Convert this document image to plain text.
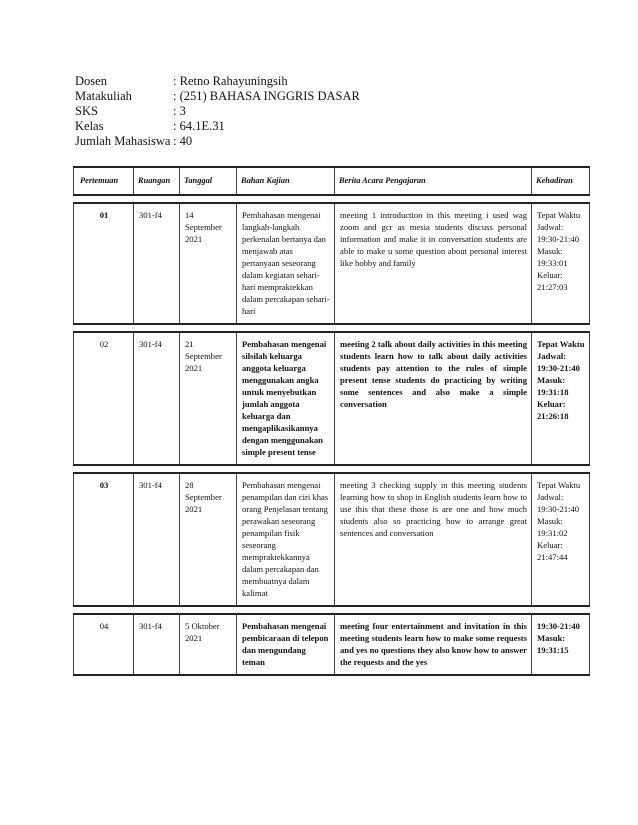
Dosen	: Retno Rahayuningsih
Matakuliah	: (251) BAHASA INGGRIS DASAR
SKS	: 3
Kelas	: 64.1E.31
Jumlah Mahasiswa : 40
Pertemuan	Ruangan	Tanggal	Bahan Kajian	Berita Acara Pengajaran	Kehadiran

01	301-f4	14 September 2021	Pembahasan mengenai langkah-langkah perkenalan bertanya dan menjawab atas pertanyaan seseorang dalam kegiatan sehari-hari mempraktekkan dalam percakapan sehari-hari	meeting 1 introduction in this meeting i used wag zoom and gcr as mesia students discuss personal information and make it in conversation students are able to make u some question about personal interest like hobby and family	Tepat Waktu Jadwal: 19:30-21:40 Masuk: 19:33:01 Keluar: 21:27:03

02	301-f4	21 September 2021	Pembahasan mengenai silsilah keluarga anggota keluarga menggunakan angka untuk menyebutkan jumlah anggota keluarga dan mengaplikasikannya dengan menggunakan simple present tense	meeting 2 talk about daily activities in this meeting students learn how to talk about daily activities students pay attention to the rules of simple present tense students do practicing by writing some sentences and also make a simple conversation	Tepat Waktu Jadwal: 19:30-21:40 Masuk: 19:31:18 Keluar: 21:26:18

03	301-f4	28 September 2021	Pembahasan mengenai penampilan dan ciri khas orang Penjelasan tentang perawakan seseorang penampilan fisik seseorang mempraktekkannya dalam percakapan dan membuatnya dalam kalimat	meeting 3 checking supply in this meeting students learning how to shop in English students learn how to use this that these those is are one and how much students also so practicing how to arrange great sentences and conversation	Tepat Waktu Jadwal: 19:30-21:40 Masuk: 19:31:02 Keluar: 21:47:44

04	301-f4	5 Oktober 2021	Pembahasan mengenai pembicaraan di telepon dan mengundang teman	meeting four entertainment and invitation in this meeting students learn how to make some requests and yes no questions they also know how to answer the requests and the yes	19:30-21:40 Masuk: 19:31:15
